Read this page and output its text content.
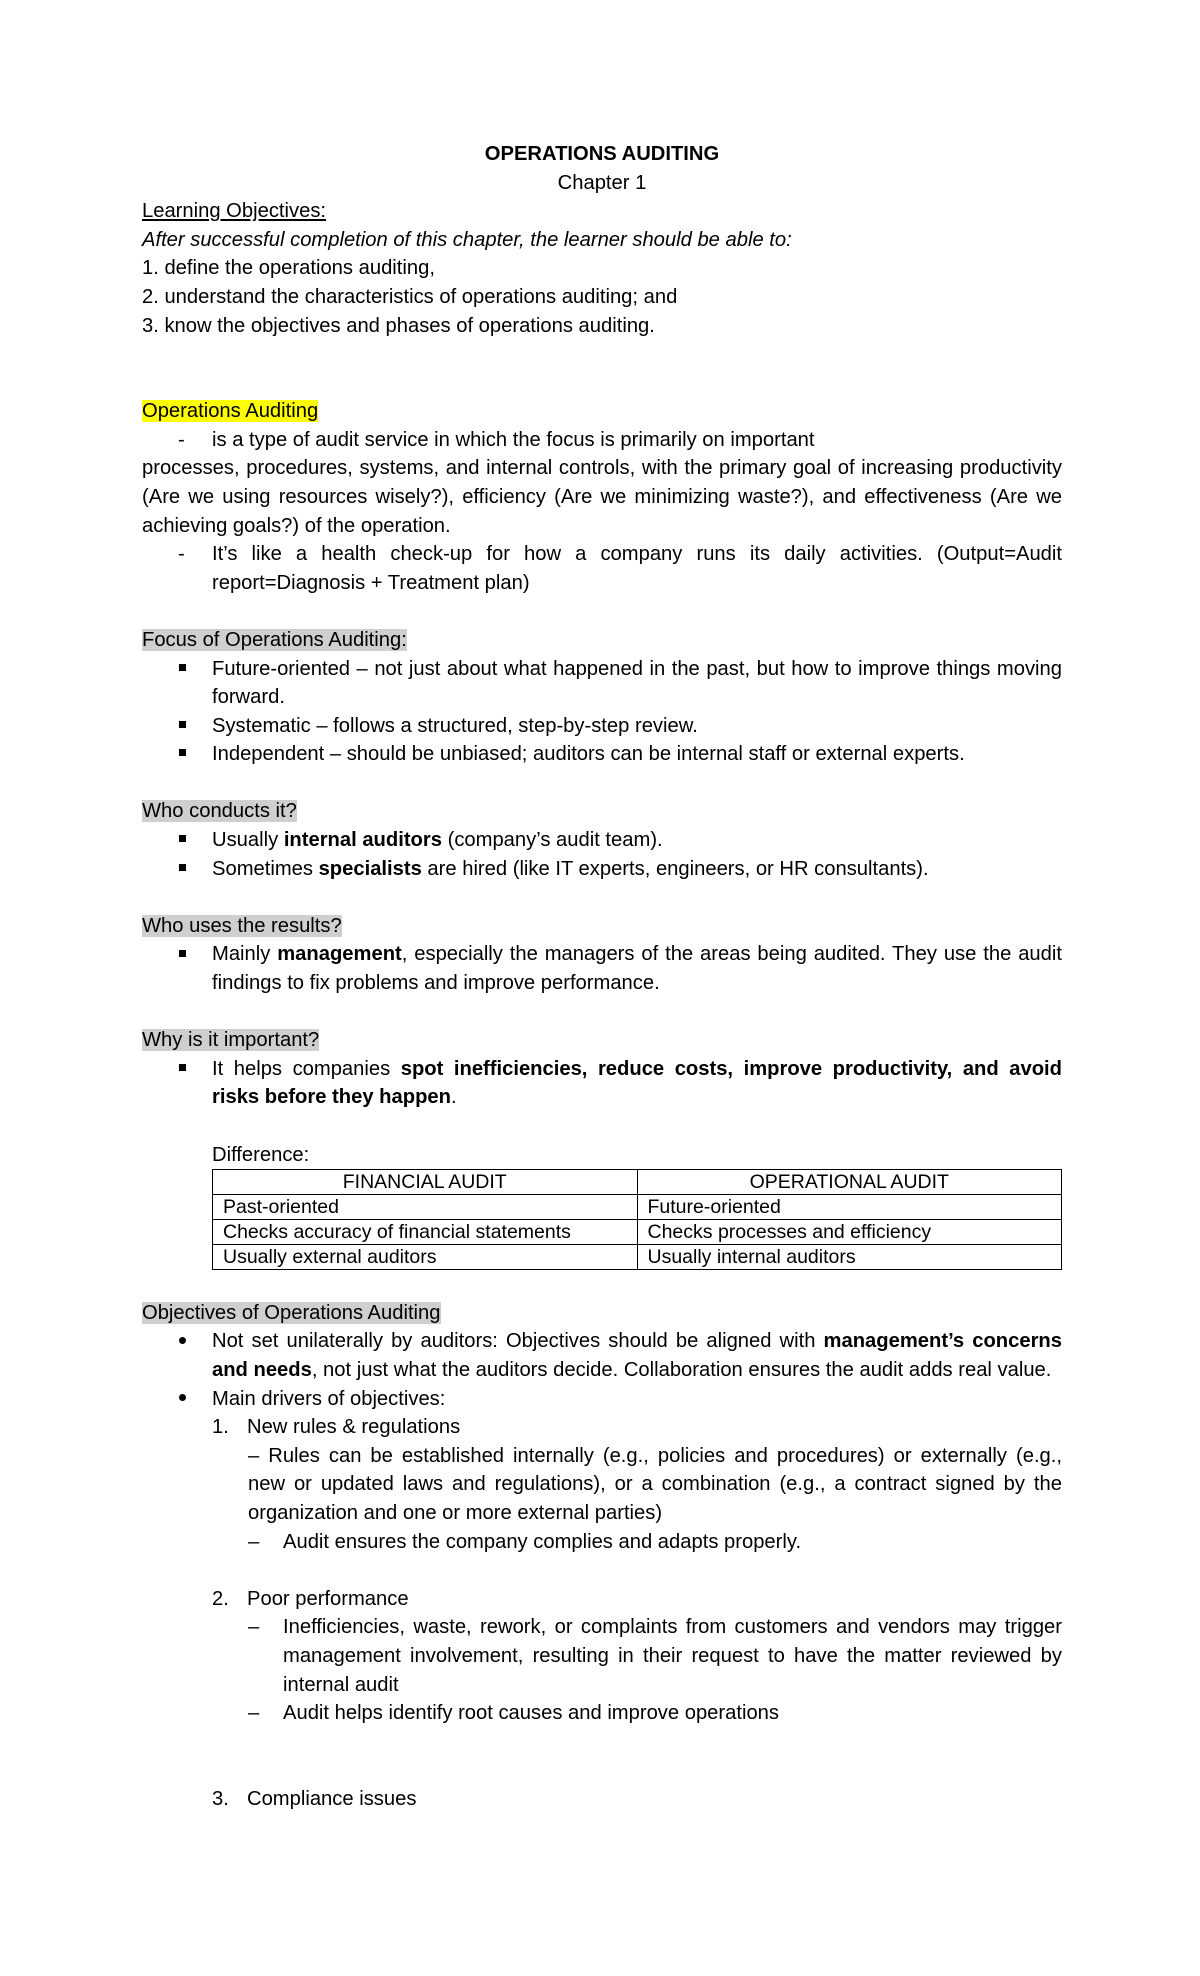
OPERATIONS AUDITING
Chapter 1
Learning Objectives:
After successful completion of this chapter, the learner should be able to:
1. define the operations auditing,
2. understand the characteristics of operations auditing; and
3. know the objectives and phases of operations auditing.
Operations Auditing
-	is a type of audit service in which the focus is primarily on important
processes, procedures, systems, and internal controls, with the primary goal of increasing productivity (Are we using resources wisely?), efficiency (Are we minimizing waste?), and effectiveness (Are we achieving goals?) of the operation.
-	It’s like a health check-up for how a company runs its daily activities. (Output=Audit report=Diagnosis + Treatment plan)
Focus of Operations Auditing:
Future-oriented – not just about what happened in the past, but how to improve things moving forward.
Systematic – follows a structured, step-by-step review.
Independent – should be unbiased; auditors can be internal staff or external experts.
Who conducts it?
Usually internal auditors (company’s audit team).
Sometimes specialists are hired (like IT experts, engineers, or HR consultants).
Who uses the results?
Mainly management, especially the managers of the areas being audited. They use the audit findings to fix problems and improve performance.
Why is it important?
It helps companies spot inefficiencies, reduce costs, improve productivity, and avoid risks before they happen.
Difference:
FINANCIAL AUDIT	OPERATIONAL AUDIT
Past-oriented	Future-oriented
Checks accuracy of financial statements	Checks processes and efficiency
Usually external auditors	Usually internal auditors
Objectives of Operations Auditing
Not set unilaterally by auditors: Objectives should be aligned with management’s concerns and needs, not just what the auditors decide. Collaboration ensures the audit adds real value.
Main drivers of objectives:
1. New rules & regulations
– Rules can be established internally (e.g., policies and procedures) or externally (e.g., new or updated laws and regulations), or a combination (e.g., a contract signed by the organization and one or more external parties)
–	Audit ensures the company complies and adapts properly.
2. Poor performance
–	Inefficiencies, waste, rework, or complaints from customers and vendors may trigger management involvement, resulting in their request to have the matter reviewed by internal audit
–	Audit helps identify root causes and improve operations
3. Compliance issues
